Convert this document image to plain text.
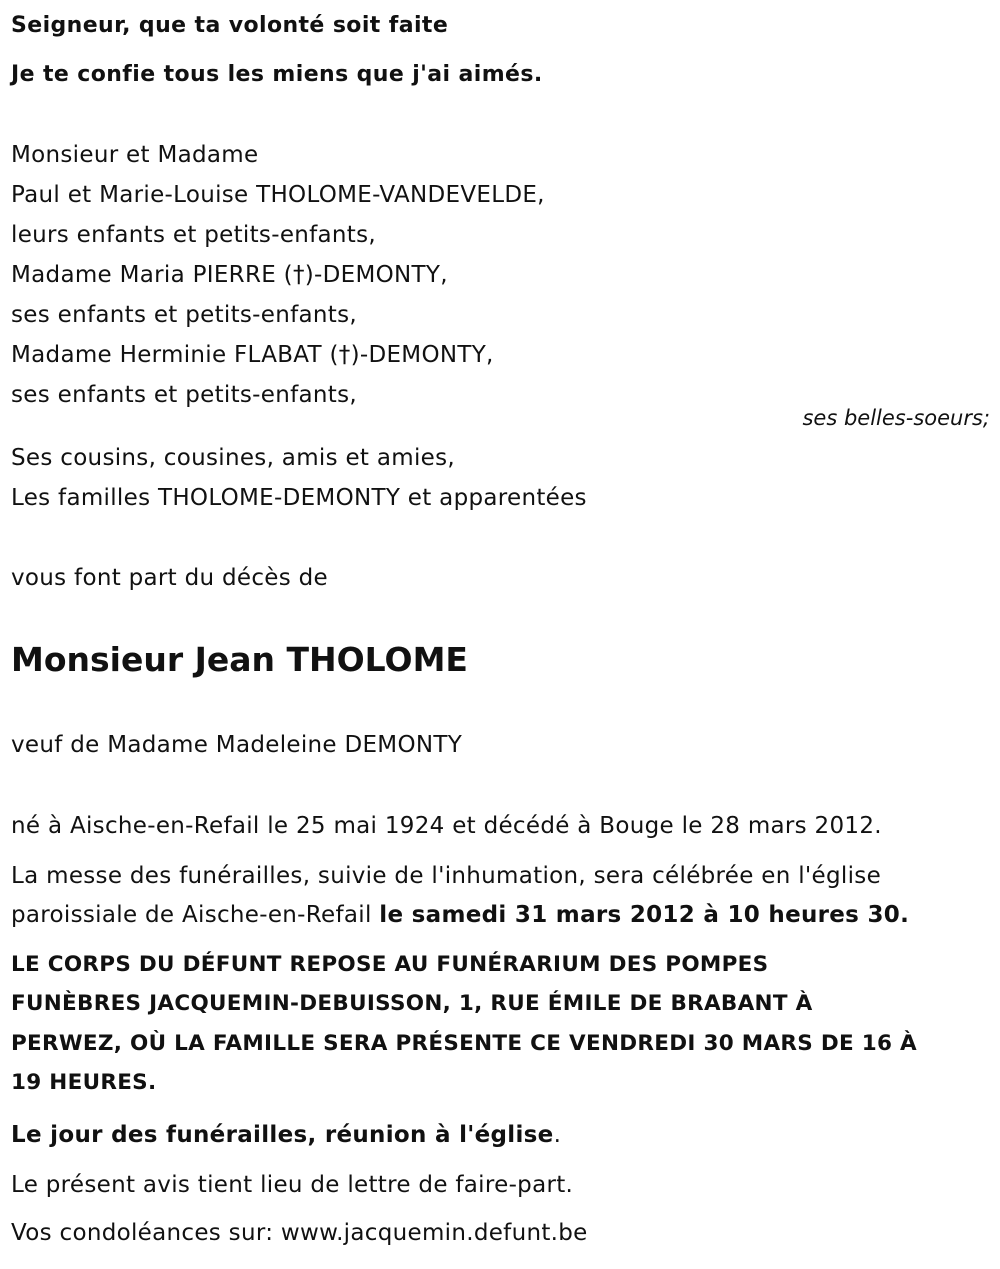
Seigneur, que ta volonté soit faite
Je te confie tous les miens que j'ai aimés.
Monsieur et Madame
Paul et Marie-Louise THOLOME-VANDEVELDE,
leurs enfants et petits-enfants,
Madame Maria PIERRE (†)-DEMONTY,
ses enfants et petits-enfants,
Madame Herminie FLABAT (†)-DEMONTY,
ses enfants et petits-enfants,
ses belles-soeurs;
Ses cousins, cousines, amis et amies,
Les familles THOLOME-DEMONTY et apparentées
vous font part du décès de
Monsieur Jean THOLOME
veuf de Madame Madeleine DEMONTY
né à Aische-en-Refail le 25 mai 1924 et décédé à Bouge le 28 mars 2012.
La messe des funérailles, suivie de l'inhumation, sera célébrée en l'église
paroissiale de Aische-en-Refail le samedi 31 mars 2012 à 10 heures 30.
LE CORPS DU DÉFUNT REPOSE AU FUNÉRARIUM DES POMPES
FUNÈBRES JACQUEMIN-DEBUISSON, 1, RUE ÉMILE DE BRABANT À
PERWEZ, OÙ LA FAMILLE SERA PRÉSENTE CE VENDREDI 30 MARS DE 16 À
19 HEURES.
Le jour des funérailles, réunion à l'église.
Le présent avis tient lieu de lettre de faire-part.
Vos condoléances sur: www.jacquemin.defunt.be
